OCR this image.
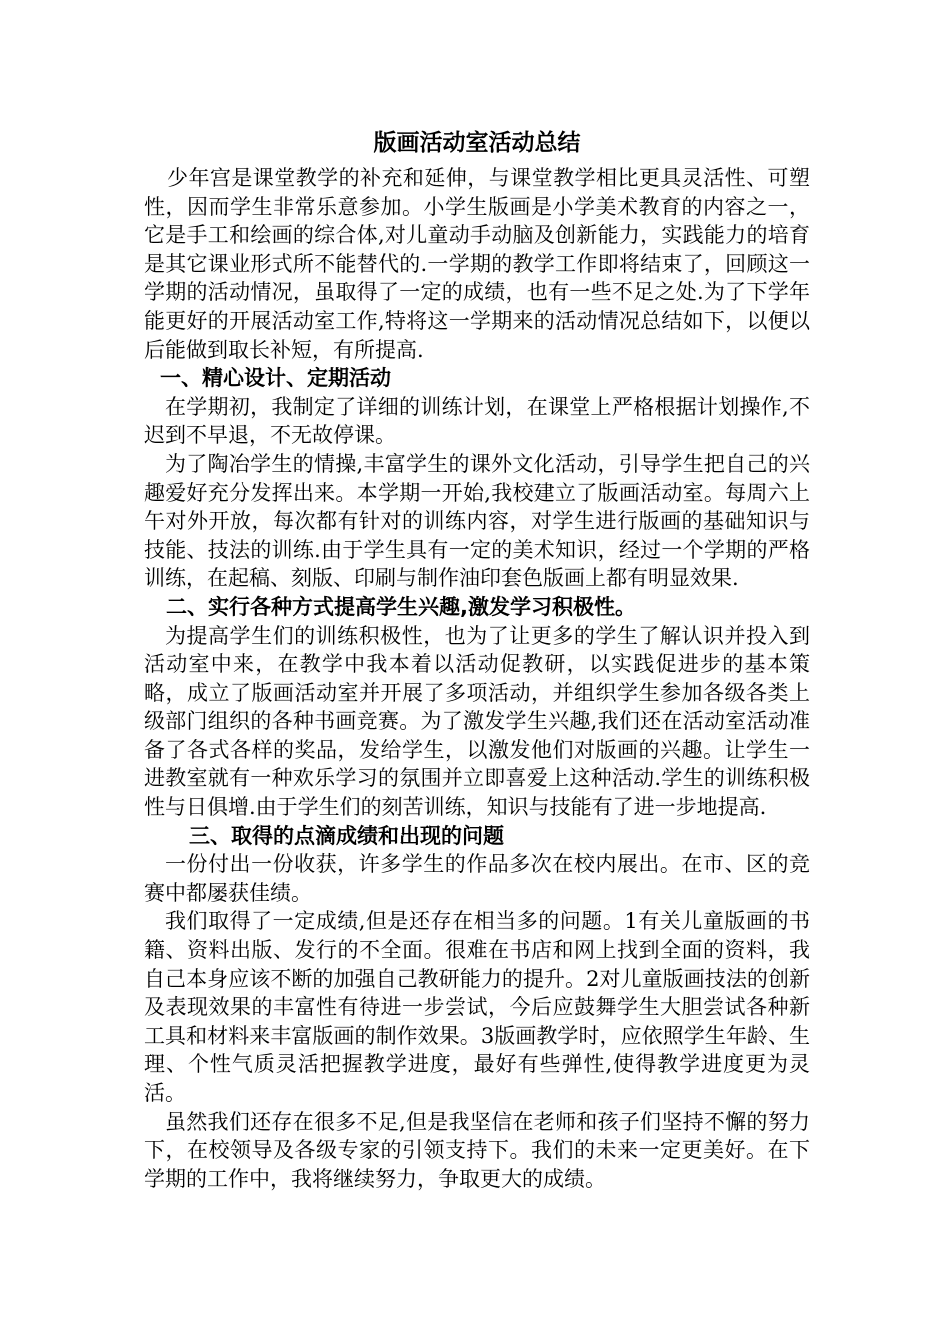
版画活动室活动总结

少年宫是课堂教学的补充和延伸，与课堂教学相比更具灵活性、可塑性，因而学生非常乐意参加。小学生版画是小学美术教育的内容之一，它是手工和绘画的综合体,对儿童动手动脑及创新能力，实践能力的培育是其它课业形式所不能替代的.一学期的教学工作即将结束了，回顾这一学期的活动情况，虽取得了一定的成绩，也有一些不足之处.为了下学年能更好的开展活动室工作,特将这一学期来的活动情况总结如下，以便以后能做到取长补短，有所提高.

一、精心设计、定期活动

在学期初，我制定了详细的训练计划，在课堂上严格根据计划操作,不迟到不早退，不无故停课。

为了陶冶学生的情操,丰富学生的课外文化活动，引导学生把自己的兴趣爱好充分发挥出来。本学期一开始,我校建立了版画活动室。每周六上午对外开放，每次都有针对的训练内容，对学生进行版画的基础知识与技能、技法的训练.由于学生具有一定的美术知识，经过一个学期的严格训练，在起稿、刻版、印刷与制作油印套色版画上都有明显效果.

二、实行各种方式提高学生兴趣,激发学习积极性。

为提高学生们的训练积极性，也为了让更多的学生了解认识并投入到活动室中来，在教学中我本着以活动促教研，以实践促进步的基本策略，成立了版画活动室并开展了多项活动，并组织学生参加各级各类上级部门组织的各种书画竞赛。为了激发学生兴趣,我们还在活动室活动准备了各式各样的奖品，发给学生，以激发他们对版画的兴趣。让学生一进教室就有一种欢乐学习的氛围并立即喜爱上这种活动.学生的训练积极性与日俱增.由于学生们的刻苦训练，知识与技能有了进一步地提高.

三、取得的点滴成绩和出现的问题

一份付出一份收获，许多学生的作品多次在校内展出。在市、区的竞赛中都屡获佳绩。

我们取得了一定成绩,但是还存在相当多的问题。1有关儿童版画的书籍、资料出版、发行的不全面。很难在书店和网上找到全面的资料，我自己本身应该不断的加强自己教研能力的提升。2对儿童版画技法的创新及表现效果的丰富性有待进一步尝试，今后应鼓舞学生大胆尝试各种新工具和材料来丰富版画的制作效果。3版画教学时，应依照学生年龄、生理、个性气质灵活把握教学进度，最好有些弹性,使得教学进度更为灵活。

虽然我们还存在很多不足,但是我坚信在老师和孩子们坚持不懈的努力下，在校领导及各级专家的引领支持下。我们的未来一定更美好。在下学期的工作中，我将继续努力，争取更大的成绩。
